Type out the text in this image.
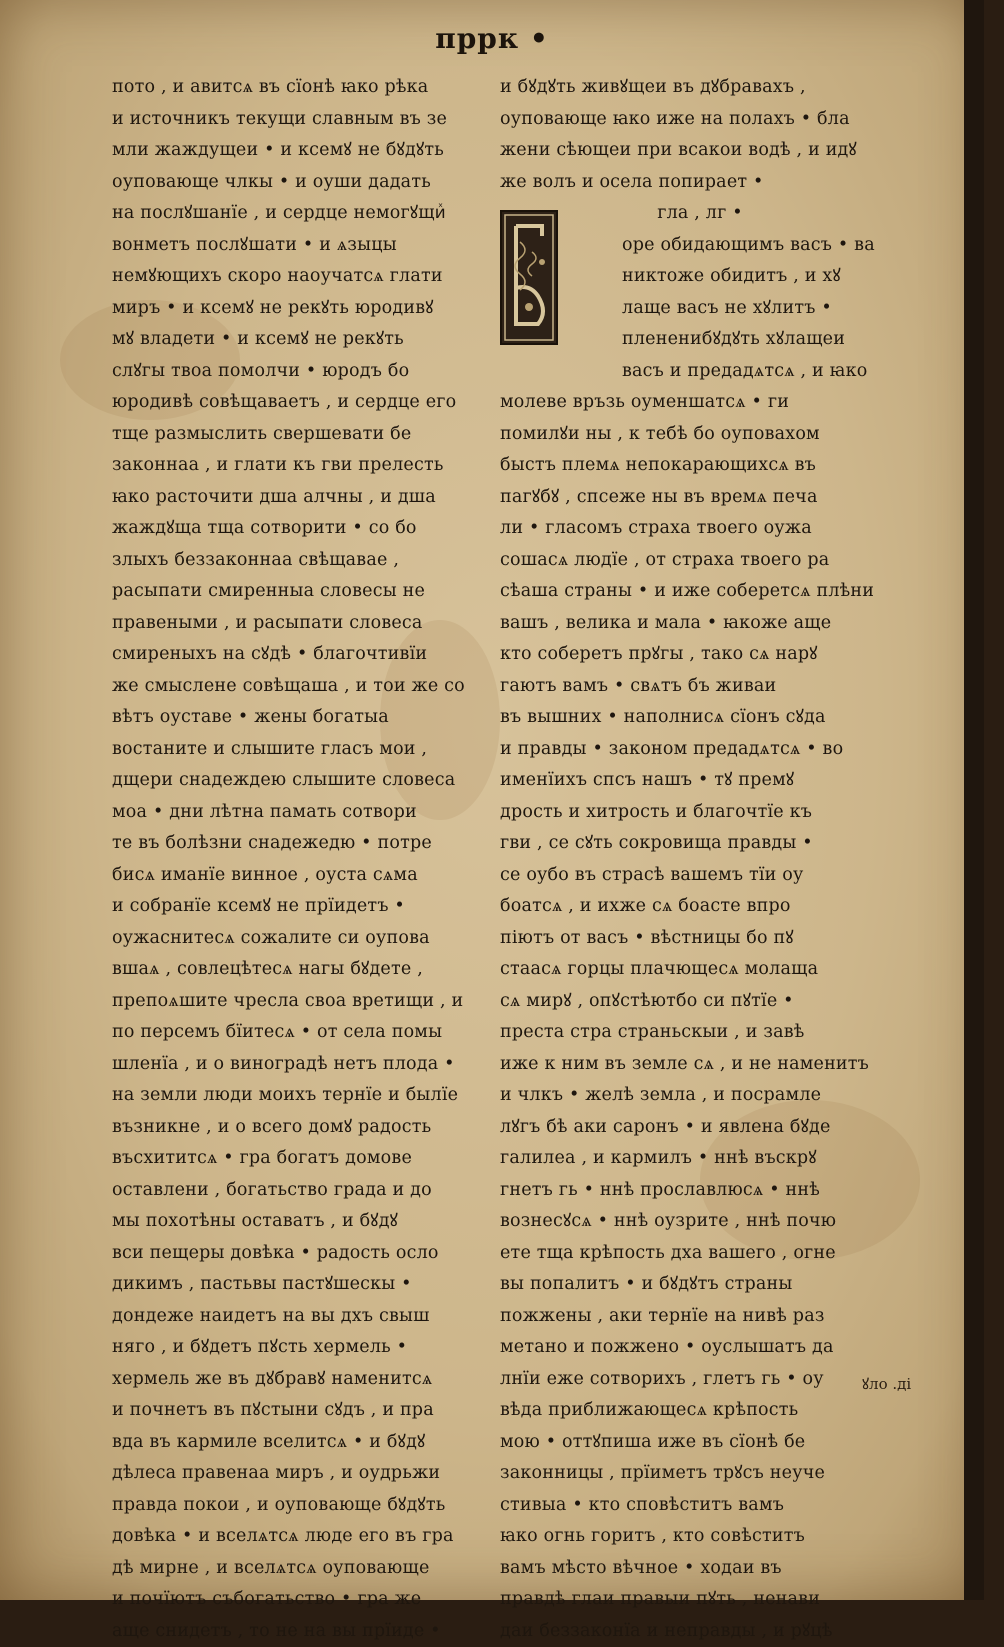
пррк •
пото , и авитсѧ въ сїонѣ ꙗко рѣка
и источникъ текущи славным въ зе
мли жаждущеи • и ксемꙋ не бꙋдꙋть
оуповающе члкы • и оуши дадать
на послꙋшанїе , и сердце немогꙋщиⷯ
вонметъ послꙋшати • и ѧзыцы
немꙋющихъ скоро наоучатсѧ глати
миръ • и ксемꙋ не рекꙋть юродивꙋ
мꙋ владети • и ксемꙋ не рекꙋть
слꙋгы твоа помолчи • юродъ бо
юродивѣ совѣщаваетъ , и сердце его
тще размыслить свершевати бе
законнаа , и глати къ гви прелесть
ꙗко расточити дша алчны , и дша
жаждꙋща тща сотворити • со бо
злыхъ беззаконнаа свѣщавае ,
расыпати смиренныа словесы не
правеными , и расыпати словеса
смиреныхъ на сꙋдѣ • благочтивїи
же смыслене совѣщаша , и тои же со
вѣтъ оуставе • жены богатыа
востаните и слышите гласъ мои ,
дщери снадеждею слышите словеса
моа • дни лѣтна памать сотвори
те въ болѣзни снадежедю • потре
бисѧ иманїе винное , оуста сѧма
и собранїе ксемꙋ не прїидетъ •
оужаснитесѧ сожалите си оупова
вшаѧ , совлецѣтесѧ нагы бꙋдете ,
препоѧшите чресла своа вретищи , и
по персемъ бїитесѧ • от села помы
шленїа , и о виноградѣ нетъ плода •
на земли люди моихъ тернїе и былїе
възникне , и о всего домꙋ радость
въсхититсѧ • гра богатъ домове
оставлени , богатьство града и до
мы похотѣны оставатъ , и бꙋдꙋ
вси пещеры довѣка • радость осло
дикимъ , пастьвы пастꙋшескы •
дондеже наидетъ на вы дхъ свыш
няго , и бꙋдетъ пꙋсть хермель •
хермель же въ дꙋбравꙋ наменитсѧ
и почнетъ въ пꙋстыни сꙋдъ , и пра
вда въ кармиле вселитсѧ • и бꙋдꙋ
дѣлеса правенаа миръ , и оудрьжи
правда покои , и оуповающе бꙋдꙋть
довѣка • и вселѧтсѧ люде его въ гра
дѣ мирне , и вселѧтсѧ оуповающе
и почїютъ събогатьство • гра же
аще снидетъ , то не на вы прїиде •
и бꙋдꙋть живꙋщеи въ дꙋбравахъ ,
оуповающе ꙗко иже на полахъ • бла
жени сѣющеи при всакои водѣ , и идꙋ
же волъ и осела попирает •
гла , лг •
оре обидающимъ васъ • ва
никтоже обидитъ , и хꙋ
лаще васъ не хꙋлитъ •
плененибꙋдꙋть хꙋлащеи
васъ и предадѧтсѧ , и ꙗко
молеве връзь оуменшатсѧ • ги
помилꙋи ны , к тебѣ бо оуповахом
быстъ племѧ непокарающихсѧ въ
пагꙋбꙋ , спсеже ны въ времѧ печа
ли • гласомъ страха твоего оужа
сошасѧ людїе , от страха твоего ра
сѣаша страны • и иже соберетсѧ плѣни
вашъ , велика и мала • ꙗкоже аще
кто соберетъ прꙋгы , тако сѧ нарꙋ
гаютъ вамъ • свѧтъ бъ живаи
въ вышних • наполнисѧ сїонъ сꙋда
и правды • законом предадѧтсѧ • во
именїихъ спсъ нашъ • тꙋ премꙋ
дрость и хитрость и благочтїе къ
гви , се сꙋть сокровища правды •
се оубо въ страсѣ вашемъ тїи оу
боатсѧ , и ихже сѧ боасте впро
піютъ от васъ • вѣстницы бо пꙋ
стаасѧ горцы плачющесѧ молаща
сѧ мирꙋ , опꙋстѣютбо си пꙋтїе •
преста стра страньскыи , и завѣ
иже к ним въ земле сѧ , и не наменитъ
и члкъ • желѣ земла , и посрамле
лꙋгъ бѣ аки саронъ • и явлена бꙋде
галилеа , и кармилъ • ннѣ въскрꙋ
гнетъ гь • ннѣ прославлюсѧ • ннѣ
вознесꙋсѧ • ннѣ оузрите , ннѣ почю
ете тща крѣпость дха вашего , огне
вы попалитъ • и бꙋдꙋтъ страны
пожжены , аки тернїе на нивѣ раз
метано и пожжено • оуслышатъ да
лнїи еже сотворихъ , глетъ гь • оу
вѣда приближающесѧ крѣпость
мою • оттꙋпиша иже въ сїонѣ бе
законницы , прїиметъ трꙋсъ неуче
стивыа • кто сповѣститъ вамъ
ꙗко огнь горитъ , кто совѣститъ
вамъ мѣсто вѣчное • ходаи въ
правдѣ глаи правыи пꙋть , ненави
даи беззаконїа и неправды , и рꙋцѣ
ꙋло .ді
